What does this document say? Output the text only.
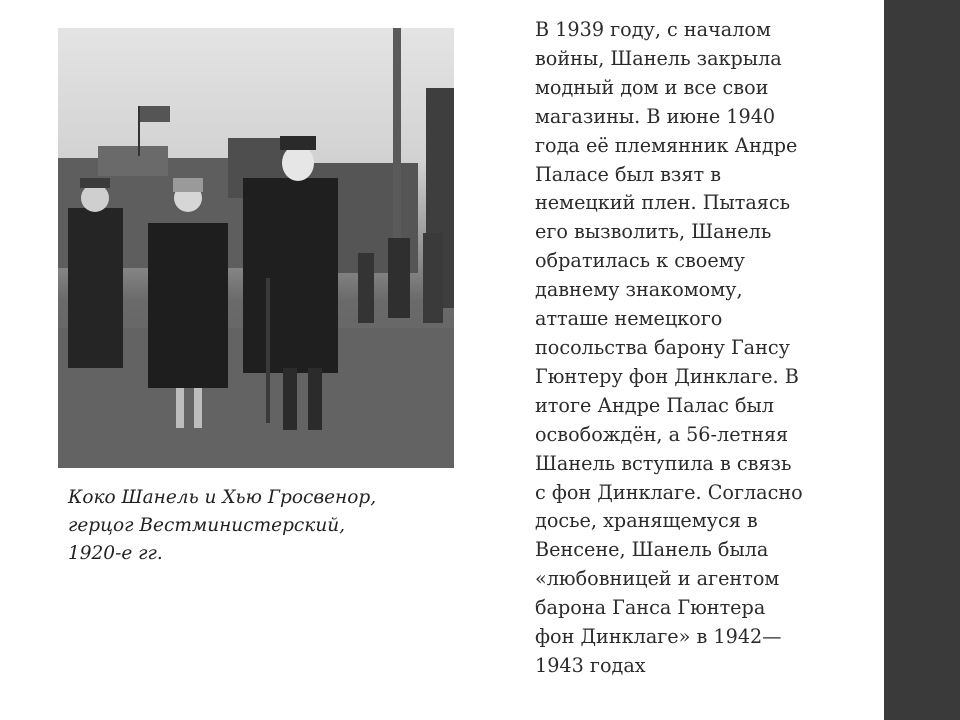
Коко Шанель и Хью Гросвенор,
герцог Вестминистерский,
1920-е гг.
В 1939 году, с началом
войны, Шанель закрыла
модный дом и все свои
магазины. В июне 1940
года её племянник Андре
Паласе был взят в
немецкий плен. Пытаясь
его вызволить, Шанель
обратилась к своему
давнему знакомому,
атташе немецкого
посольства барону Гансу
Гюнтеру фон Динклаге. В
итоге Андре Палас был
освобождён, а 56-летняя
Шанель вступила в связь
с фон Динклаге. Согласно
досье, хранящемуся в
Венсене, Шанель была
«любовницей и агентом
барона Ганса Гюнтера
фон Динклаге» в 1942—
1943 годах
